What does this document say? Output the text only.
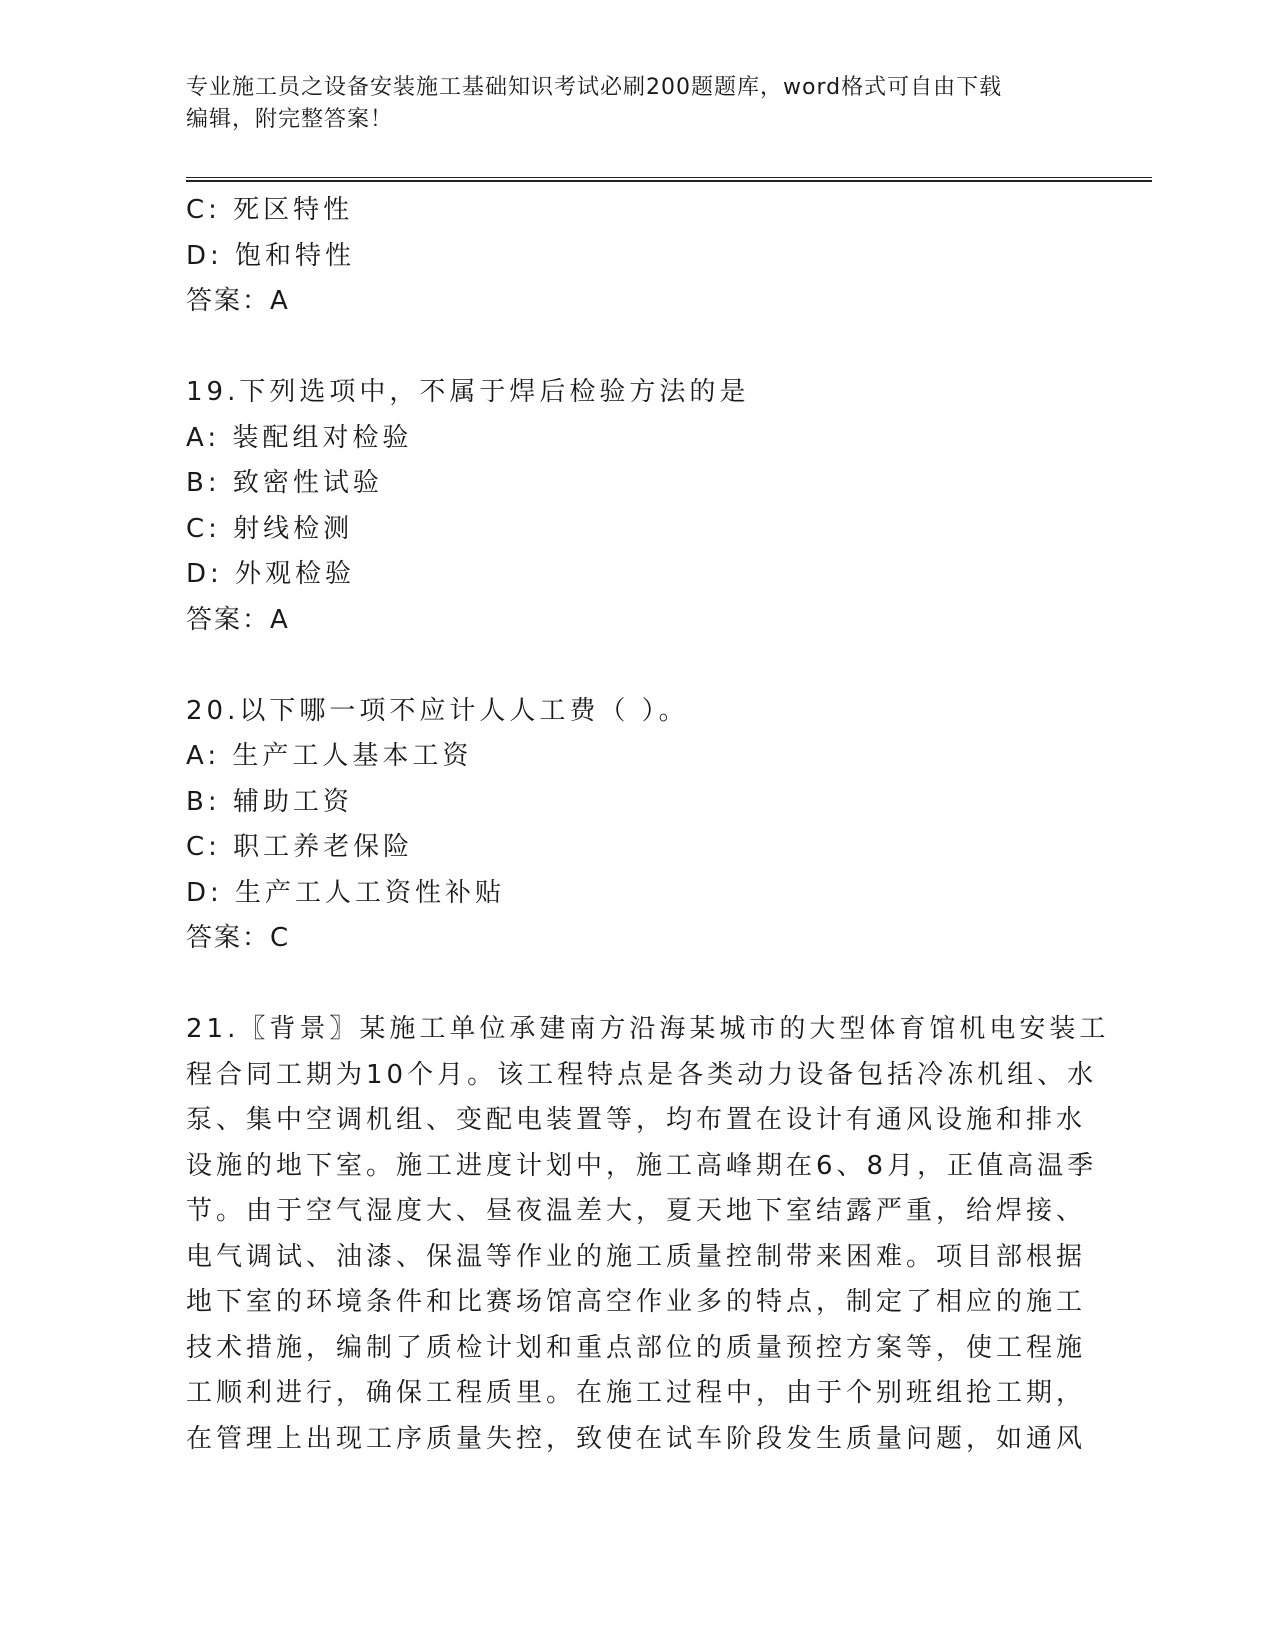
专业施工员之设备安装施工基础知识考试必刷200题题库，word格式可自由下载
编辑，附完整答案！
C: 死区特性
D: 饱和特性
答案：A
19.下列选项中，不属于焊后检验方法的是
A: 装配组对检验
B: 致密性试验
C: 射线检测
D: 外观检验
答案：A
20.以下哪一项不应计人人工费（ ）。
A: 生产工人基本工资
B: 辅助工资
C: 职工养老保险
D: 生产工人工资性补贴
答案：C
21.〖背景〗某施工单位承建南方沿海某城市的大型体育馆机电安装工
程合同工期为10个月。该工程特点是各类动力设备包括冷冻机组、水
泵、集中空调机组、变配电装置等，均布置在设计有通风设施和排水
设施的地下室。施工进度计划中，施工高峰期在6、8月，正值高温季
节。由于空气湿度大、昼夜温差大，夏天地下室结露严重，给焊接、
电气调试、油漆、保温等作业的施工质量控制带来困难。项目部根据
地下室的环境条件和比赛场馆高空作业多的特点，制定了相应的施工
技术措施，编制了质检计划和重点部位的质量预控方案等，使工程施
工顺利进行，确保工程质里。在施工过程中，由于个别班组抢工期，
在管理上出现工序质量失控，致使在试车阶段发生质量问题，如通风
